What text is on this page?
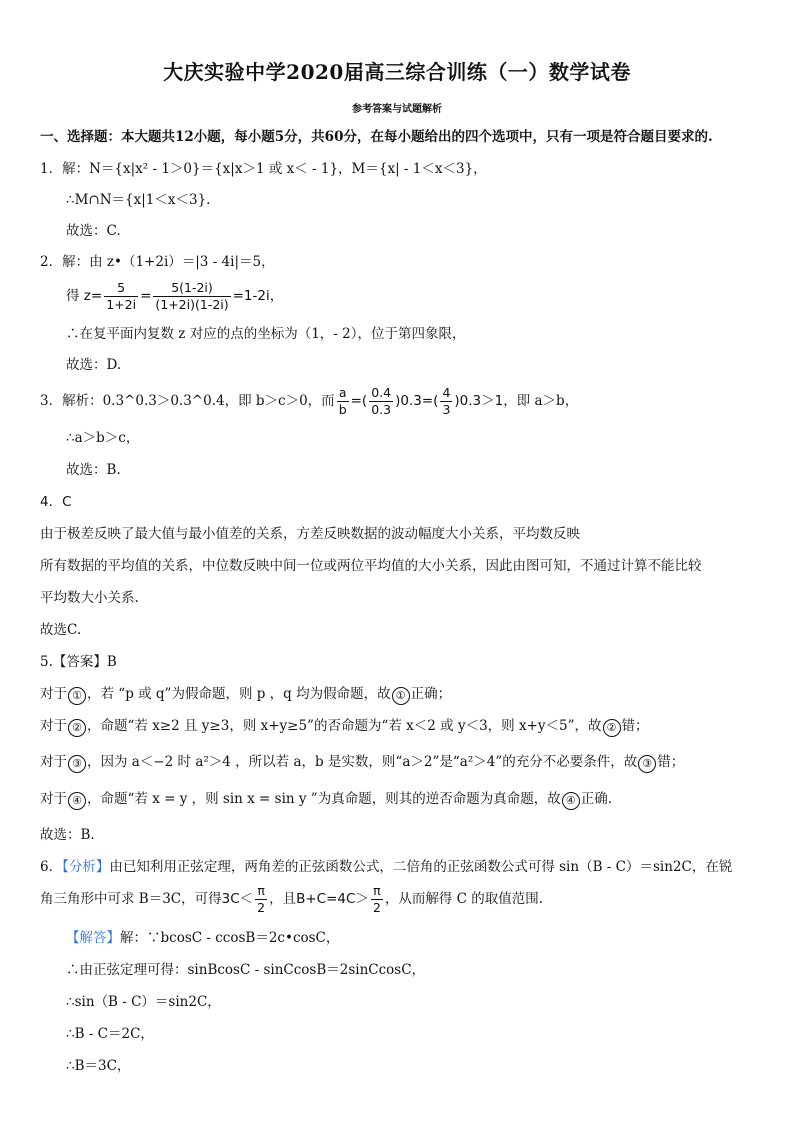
大庆实验中学2020届高三综合训练（一）数学试卷
参考答案与试题解析
一、选择题：本大题共12小题，每小题5分，共60分，在每小题给出的四个选项中，只有一项是符合题目要求的.
1．解：N＝{x|x² - 1＞0}＝{x|x＞1 或 x＜ - 1}，M＝{x| - 1＜x＜3}，
∴M∩N＝{x|1＜x＜3}.
故选：C.
2．解：由 z•（1+2i）＝|3 - 4i|＝5，
得 $z= \frac{5}{1+2i} = \frac{5(1-2i)}{(1+2i)(1-2i)} =1-2i$，
∴在复平面内复数 z 对应的点的坐标为（1，- 2），位于第四象限，
故选：D.
3．解析：0.3^0.3＞0.3^0.4，即 b＞c＞0，而 $\frac{a}{b}$ =( $\frac{0.4}{0.3} )0.3=( \frac{4}{3} )0.3>1$，即 a＞b，
∴a＞b＞c，
故选：B.
4．C
由于极差反映了最大值与最小值差的关系，方差反映数据的波动幅度大小关系，平均数反映
所有数据的平均值的关系，中位数反映中间一位或两位平均值的大小关系，因此由图可知，不通过计算不能比较
平均数大小关系.
故选C.
5.【答案】B
对于 ① ，若 “p 或 q”为假命题，则 p ，q 均为假命题，故 ① 正确；
对于 ② ，命题“若 x≥2 且 y≥3，则 x+y≥5”的否命题为“若 x＜2 或 y＜3，则 x+y＜5”，故 ② 错；
对于 ③ ，因为 a＜−2 时 a²＞4 ，所以若 a，b 是实数，则“a＞2”是“a²＞4”的充分不必要条件，故 ③ 错；
对于 ④ ，命题“若 x = y ，则 sin x = sin y ”为真命题，则其的逆否命题为真命题，故 ④ 正确.
故选：B.
6．【分析】由已知利用正弦定理，两角差的正弦函数公式，二倍角的正弦函数公式可得 sin（B - C）＝sin2C，在锐
角三角形中可求 B＝3C，可得$3C< \frac{\pi}{2}$ ，且$B+C=4C> \frac{\pi}{2}$ ，从而解得 C 的取值范围.
【解答】解：∵bcosC - ccosB＝2c•cosC，
∴由正弦定理可得：sinBcosC - sinCcosB＝2sinCcosC，
∴sin（B - C）＝sin2C，
∴B - C＝2C，
∴B＝3C，
